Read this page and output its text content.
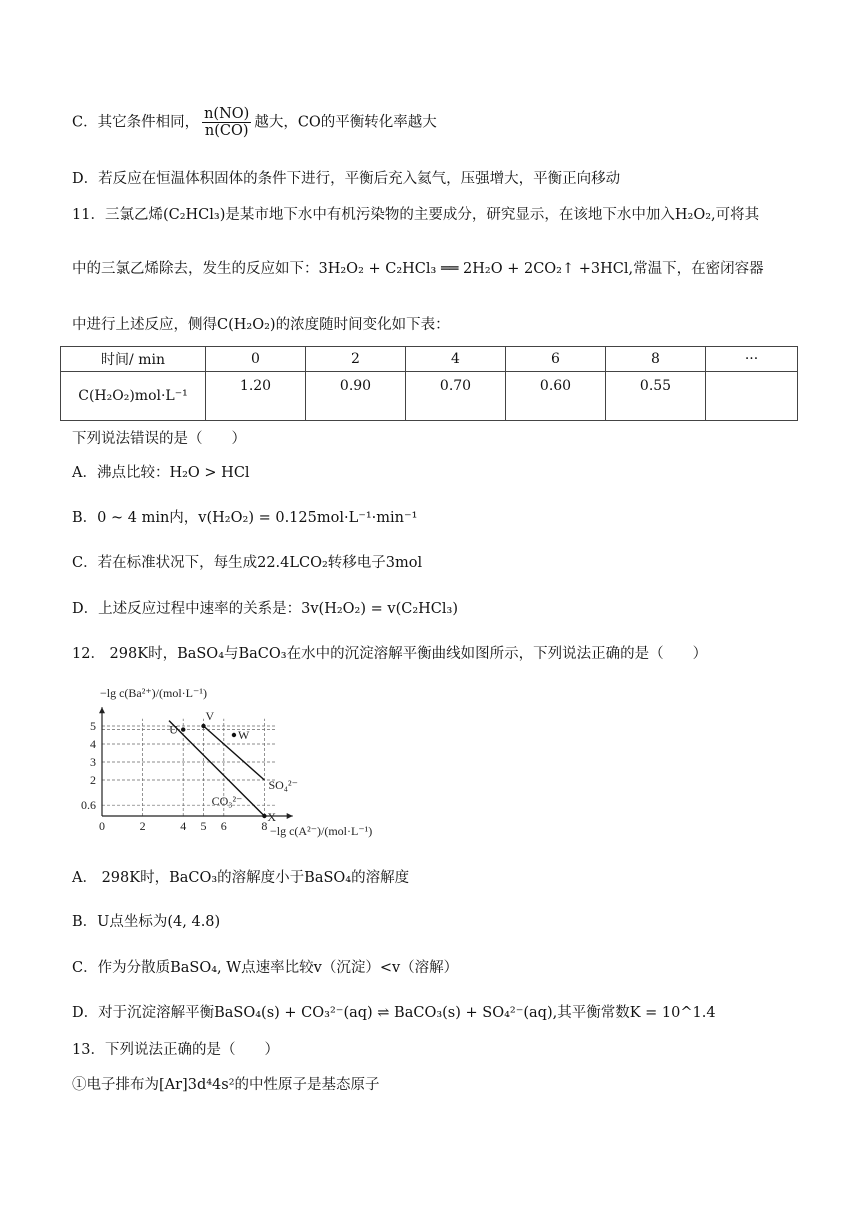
C．其它条件相同， $\frac{n(NO)}{n(CO)}$ 越大，CO的平衡转化率越大
D．若反应在恒温体积固体的条件下进行，平衡后充入氦气，压强增大，平衡正向移动
11．三氯乙烯(C₂HCl₃)是某市地下水中有机污染物的主要成分，研究显示，在该地下水中加入H₂O₂,可将其
中的三氯乙烯除去，发生的反应如下：3H₂O₂ + C₂HCl₃ ══ 2H₂O + 2CO₂↑ +3HCl,常温下，在密闭容器
中进行上述反应，侧得C(H₂O₂)的浓度随时间变化如下表：
时间/ min	0	2	4	6	8	···
C(H₂O₂)mol·L⁻¹	1.20	0.90	0.70	0.60	0.55	
下列说法错误的是（　　）
A．沸点比较：H₂O > HCl
B．0 ~ 4 min内，v(H₂O₂) = 0.125mol·L⁻¹·min⁻¹
C．若在标准状况下，每生成22.4LCO₂转移电子3mol
D．上述反应过程中速率的关系是：3v(H₂O₂) = v(C₂HCl₃)
12． 298K时，BaSO₄与BaCO₃在水中的沉淀溶解平衡曲线如图所示，下列说法正确的是（　　）
0.6
2
3
4
5
0	2	4 5 6	8
CO₃²⁻
SO₄²⁻
U
V
W
X
−lg c(Ba²⁺)/(mol·L⁻¹)
−lg c(A²⁻)/(mol·L⁻¹)
A． 298K时，BaCO₃的溶解度小于BaSO₄的溶解度
B．U点坐标为(4, 4.8)
C．作为分散质BaSO₄, W点速率比较v（沉淀）<v（溶解）
D．对于沉淀溶解平衡BaSO₄(s) + CO₃²⁻(aq) ⇌ BaCO₃(s) + SO₄²⁻(aq),其平衡常数K = 10^1.4
13．下列说法正确的是（　　）
①电子排布为[Ar]3d⁴4s²的中性原子是基态原子
